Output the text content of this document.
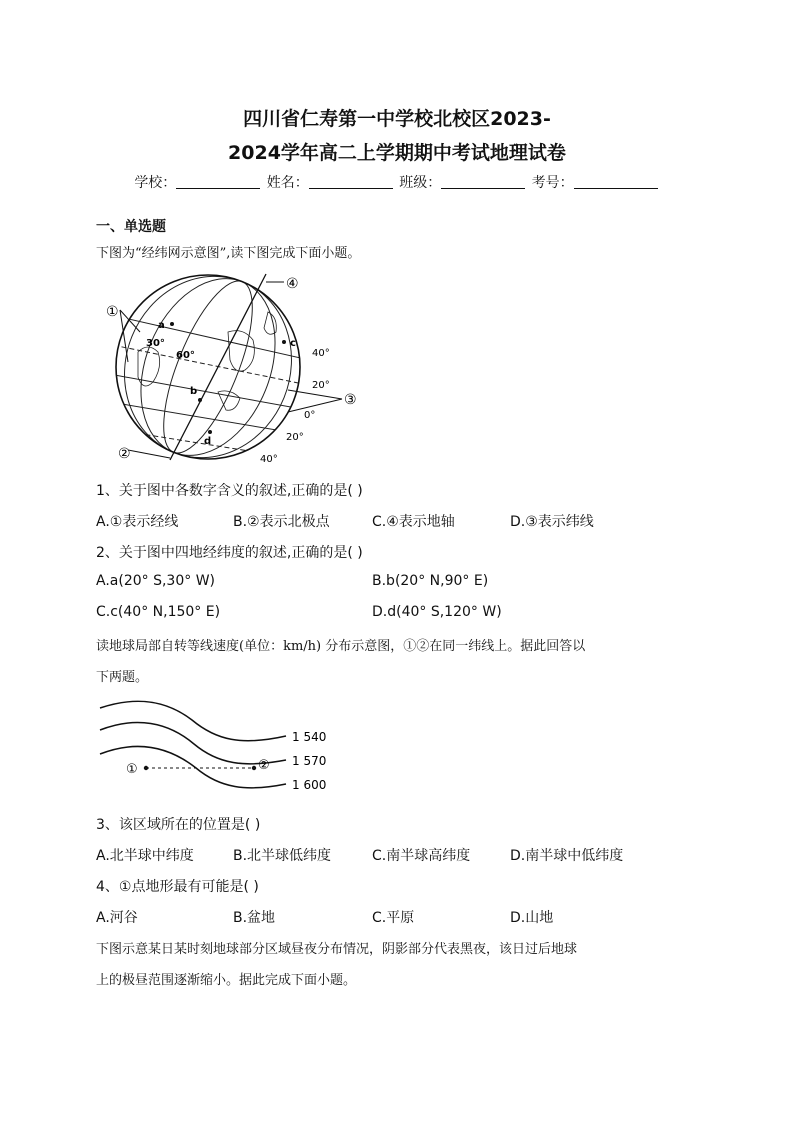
四川省仁寿第一中学校北校区2023-
2024学年高二上学期期中考试地理试卷
学校：	姓名：	班级：	考号：
一、单选题
下图为“经纬网示意图”,读下图完成下面小题。
①
②
③
④
a
b
c
d
30°
60°	40°
20°
0°
20°
40°
1、关于图中各数字含义的叙述,正确的是( )
A.①表示经线	B.②表示北极点	C.④表示地轴	D.③表示纬线
2、关于图中四地经纬度的叙述,正确的是( )
A.a(20° S,30° W)	B.b(20° N,90° E)
C.c(40° N,150° E)	D.d(40° S,120° W)
读地球局部自转等线速度(单位：km/h) 分布示意图，①②在同一纬线上。据此回答以
下两题。
①	②
1 540
1 570
1 600
3、该区域所在的位置是( )
A.北半球中纬度	B.北半球低纬度	C.南半球高纬度	D.南半球中低纬度
4、①点地形最有可能是( )
A.河谷	B.盆地	C.平原	D.山地
下图示意某日某时刻地球部分区域昼夜分布情况，阴影部分代表黑夜，该日过后地球
上的极昼范围逐渐缩小。据此完成下面小题。
